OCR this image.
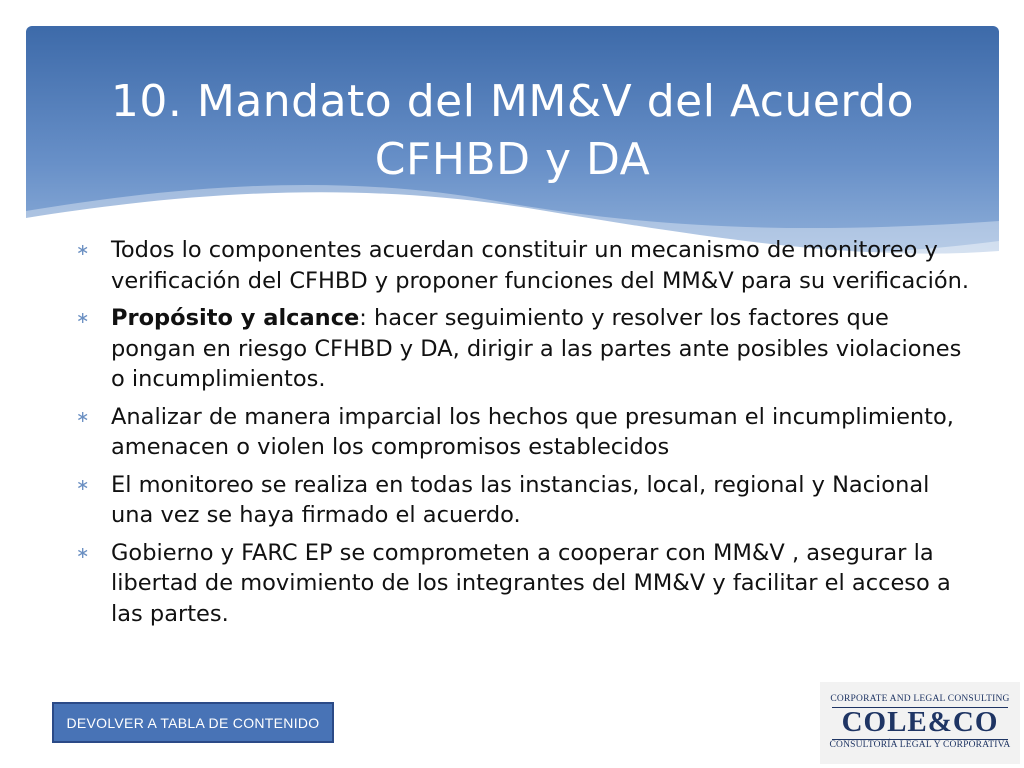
10. Mandato del MM&V del Acuerdo
CFHBD y DA
∗ Todos lo componentes acuerdan constituir un mecanismo de monitoreo y verificación del CFHBD y proponer funciones del MM&V para su verificación.
∗ Propósito y alcance: hacer seguimiento y resolver los factores que pongan en riesgo CFHBD y DA, dirigir a las partes ante posibles violaciones o incumplimientos.
∗ Analizar de manera imparcial los hechos que presuman el incumplimiento, amenacen o violen los compromisos establecidos
∗ El monitoreo se realiza en todas las instancias, local, regional y Nacional una vez se haya firmado el acuerdo.
∗ Gobierno y FARC EP se comprometen a cooperar con MM&V , asegurar la libertad de movimiento de los integrantes del MM&V y facilitar el acceso a las partes.
DEVOLVER A TABLA DE CONTENIDO
CORPORATE AND LEGAL CONSULTING
COLE&CO
CONSULTORÍA LEGAL Y CORPORATIVA
